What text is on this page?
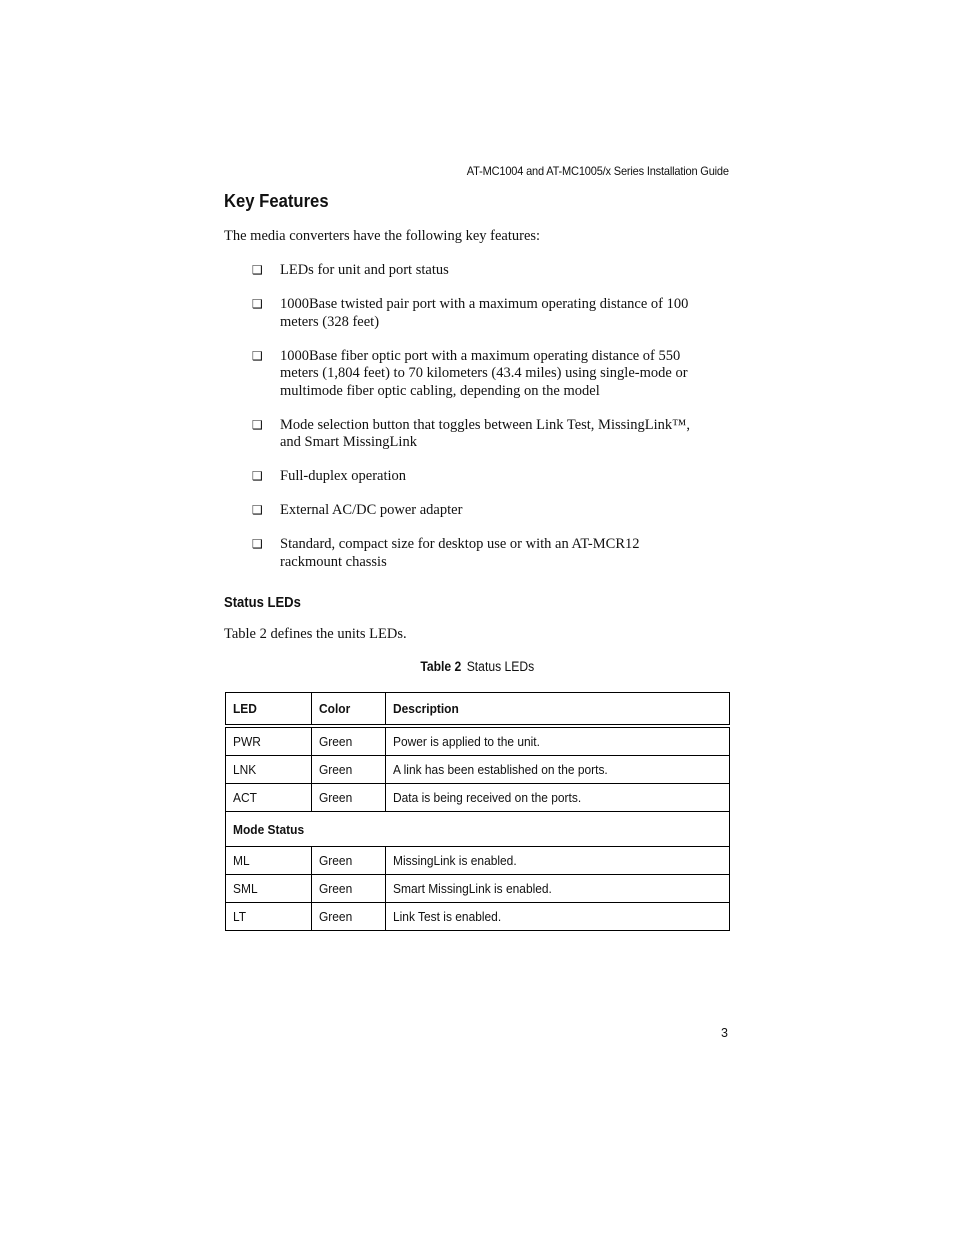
AT-MC1004 and AT-MC1005/x Series Installation Guide
Key Features

The media converters have the following key features:

❑	LEDs for unit and port status
❑	1000Base twisted pair port with a maximum operating distance of 100
meters (328 feet)
❑	1000Base fiber optic port with a maximum operating distance of 550
meters (1,804 feet) to 70 kilometers (43.4 miles) using single-mode or
multimode fiber optic cabling, depending on the model
❑	Mode selection button that toggles between Link Test, MissingLink™,
and Smart MissingLink
❑	Full-duplex operation
❑	External AC/DC power adapter
❑	Standard, compact size for desktop use or with an AT-MCR12
rackmount chassis
Status LEDs

Table 2 defines the units LEDs.

Table 2 Status LEDs
LED	Color	Description
PWR	Green	Power is applied to the unit.
LNK	Green	A link has been established on the ports.
ACT	Green	Data is being received on the ports.
Mode Status		
ML	Green	MissingLink is enabled.
SML	Green	Smart MissingLink is enabled.
LT	Green	Link Test is enabled.
3
